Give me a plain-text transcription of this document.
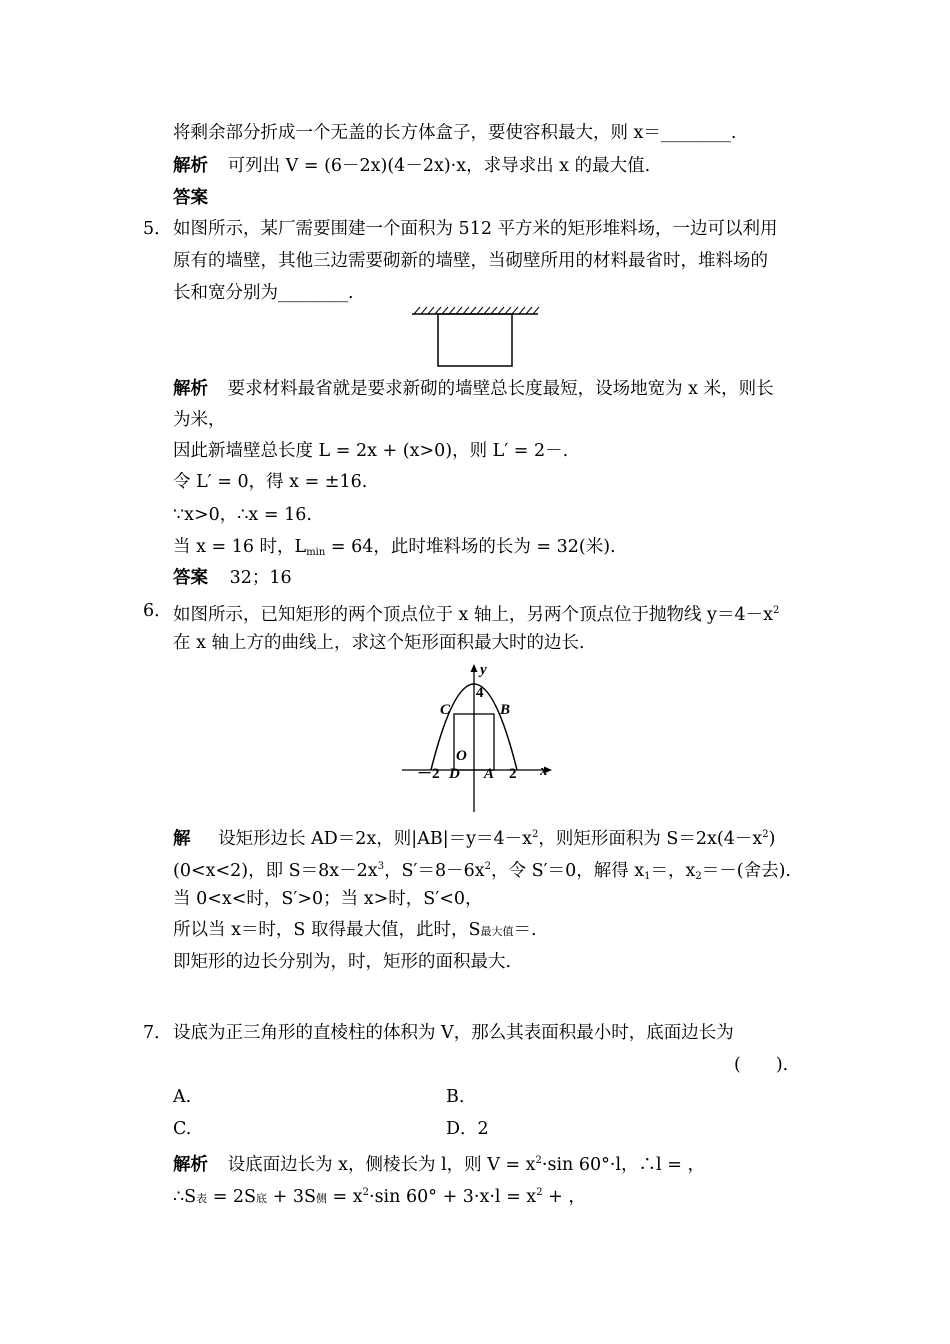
将剩余部分折成一个无盖的长方体盒子，要使容积最大，则 x＝________.
解析 可列出 V = (6－2x)(4－2x)·x，求导求出 x 的最大值.
答案
5． 如图所示，某厂需要围建一个面积为 512 平方米的矩形堆料场，一边可以利用
原有的墙壁，其他三边需要砌新的墙壁，当砌壁所用的材料最省时，堆料场的
长和宽分别为________.
解析 要求材料最省就是要求新砌的墙壁总长度最短，设场地宽为 x 米，则长
为米，
因此新墙壁总长度 L = 2x + (x>0)，则 L′ = 2－.
令 L′ = 0，得 x = ±16.
∵x>0，∴x = 16.
当 x = 16 时，$L_{min} = 64$，此时堆料场的长为 = 32(米).
答案 32；16
6． 如图所示，已知矩形的两个顶点位于 x 轴上，另两个顶点位于抛物线 $y=4-x^2$
在 x 轴上方的曲线上，求这个矩形面积最大时的边长.
y
x
4
C	B
O
D A
－2	2
解 设矩形边长 AD＝2x，则$|AB|=y=4-x^2$，则矩形面积为 $S=2x(4-x^2)$
(0<x<2)，即 $S=8x-2x^3$，$S'=8-6x^2$，令 S′＝0，解得 $x_1=$，$x_2=-$(舍去).
当 0<x<时，S′>0；当 x>时，S′<0，
所以当 x＝时，S 取得最大值，此时，S最大值＝.
即矩形的边长分别为，时，矩形的面积最大.
7． 设底为正三角形的直棱柱的体积为 V，那么其表面积最小时，底面边长为
(　　).
A.	B.
C.	D．2
解析 设底面边长为 x，侧棱长为 l，则 $V = x^2\cdot\sin$ 60°·l，∴l = ，
∴S表 = 2S底 + 3S侧 = $x^2\cdot\sin$ $60^\circ + 3\cdot x\cdot l = x^2$ + ，
